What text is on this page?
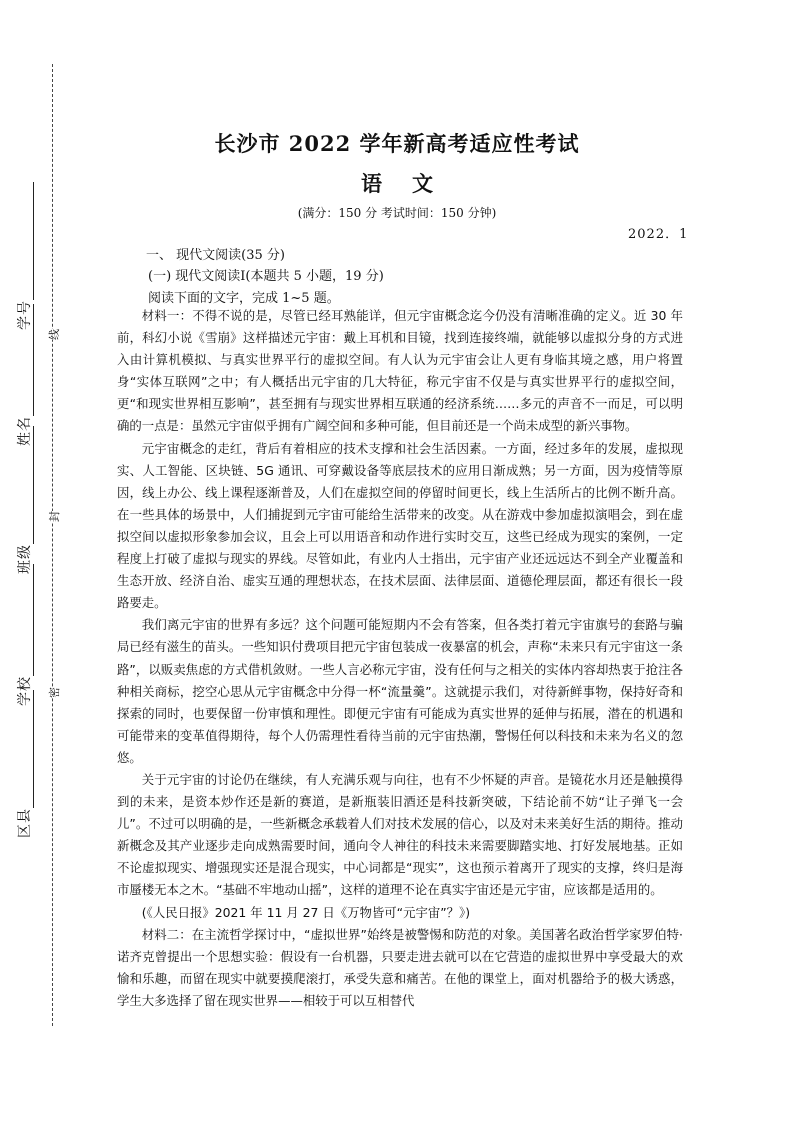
区县
学校
班级
姓名
学号
密
封
线
长沙市 2022 学年新高考适应性考试
语文
(满分：150 分 考试时间：150 分钟)
2022．1
一、 现代文阅读(35 分)
(一) 现代文阅读Ⅰ(本题共 5 小题，19 分)
阅读下面的文字，完成 1~5 题。

材料一：不得不说的是，尽管已经耳熟能详，但元宇宙概念迄今仍没有清晰准确的定义。近 30 年前，科幻小说《雪崩》这样描述元宇宙：戴上耳机和目镜，找到连接终端，就能够以虚拟分身的方式进入由计算机模拟、与真实世界平行的虚拟空间。有人认为元宇宙会让人更有身临其境之感，用户将置身“实体互联网”之中；有人概括出元宇宙的几大特征，称元宇宙不仅是与真实世界平行的虚拟空间，更“和现实世界相互影响”，甚至拥有与现实世界相互联通的经济系统……多元的声音不一而足，可以明确的一点是：虽然元宇宙似乎拥有广阔空间和多种可能，但目前还是一个尚未成型的新兴事物。

元宇宙概念的走红，背后有着相应的技术支撑和社会生活因素。一方面，经过多年的发展，虚拟现实、人工智能、区块链、5G 通讯、可穿戴设备等底层技术的应用日渐成熟；另一方面，因为疫情等原因，线上办公、线上课程逐渐普及，人们在虚拟空间的停留时间更长，线上生活所占的比例不断升高。在一些具体的场景中，人们捕捉到元宇宙可能给生活带来的改变。从在游戏中参加虚拟演唱会，到在虚拟空间以虚拟形象参加会议，且会上可以用语音和动作进行实时交互，这些已经成为现实的案例，一定程度上打破了虚拟与现实的界线。尽管如此，有业内人士指出，元宇宙产业还远远达不到全产业覆盖和生态开放、经济自治、虚实互通的理想状态，在技术层面、法律层面、道德伦理层面，都还有很长一段路要走。

我们离元宇宙的世界有多远？这个问题可能短期内不会有答案，但各类打着元宇宙旗号的套路与骗局已经有滋生的苗头。一些知识付费项目把元宇宙包装成一夜暴富的机会，声称“未来只有元宇宙这一条路”，以贩卖焦虑的方式借机敛财。一些人言必称元宇宙，没有任何与之相关的实体内容却热衷于抢注各种相关商标，挖空心思从元宇宙概念中分得一杯“流量羹”。这就提示我们，对待新鲜事物，保持好奇和探索的同时，也要保留一份审慎和理性。即便元宇宙有可能成为真实世界的延伸与拓展，潜在的机遇和可能带来的变革值得期待，每个人仍需理性看待当前的元宇宙热潮，警惕任何以科技和未来为名义的忽悠。

关于元宇宙的讨论仍在继续，有人充满乐观与向往，也有不少怀疑的声音。是镜花水月还是触摸得到的未来，是资本炒作还是新的赛道，是新瓶装旧酒还是科技新突破，下结论前不妨“让子弹飞一会儿”。不过可以明确的是，一些新概念承载着人们对技术发展的信心，以及对未来美好生活的期待。推动新概念及其产业逐步走向成熟需要时间，通向令人神往的科技未来需要脚踏实地、打好发展地基。正如不论虚拟现实、增强现实还是混合现实，中心词都是“现实”，这也预示着离开了现实的支撑，终归是海市蜃楼无本之木。“基础不牢地动山摇”，这样的道理不论在真实宇宙还是元宇宙，应该都是适用的。

(《人民日报》2021 年 11 月 27 日《万物皆可“元宇宙”？》)

材料二：在主流哲学探讨中，“虚拟世界”始终是被警惕和防范的对象。美国著名政治哲学家罗伯特·诺齐克曾提出一个思想实验：假设有一台机器，只要走进去就可以在它营造的虚拟世界中享受最大的欢愉和乐趣，而留在现实中就要摸爬滚打，承受失意和痛苦。在他的课堂上，面对机器给予的极大诱惑，学生大多选择了留在现实世界——相较于可以互相替代
